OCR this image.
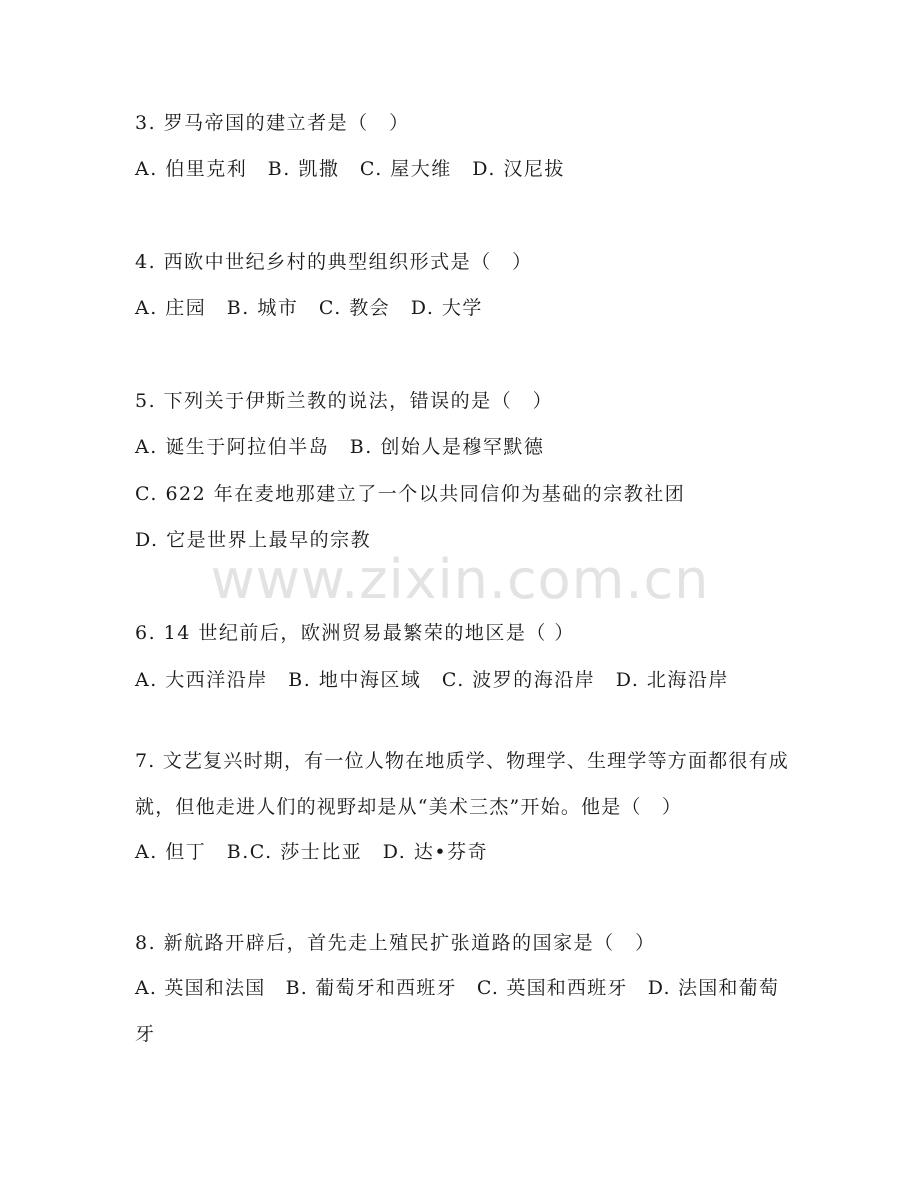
www.zixin.com.cn
3. 罗马帝国的建立者是（　）
A. 伯里克利　B. 凯撒　C. 屋大维　D. 汉尼拔
4. 西欧中世纪乡村的典型组织形式是（　）
A. 庄园　B. 城市　C. 教会　D. 大学
5. 下列关于伊斯兰教的说法，错误的是（　）
A. 诞生于阿拉伯半岛　B. 创始人是穆罕默德
C. 622 年在麦地那建立了一个以共同信仰为基础的宗教社团
D. 它是世界上最早的宗教
6. 14 世纪前后，欧洲贸易最繁荣的地区是（ ）
A. 大西洋沿岸　B. 地中海区域　C. 波罗的海沿岸　D. 北海沿岸
7. 文艺复兴时期，有一位人物在地质学、物理学、生理学等方面都很有成就，但他走进人们的视野却是从“美术三杰”开始。他是（　）
A. 但丁　B.C. 莎士比亚　D. 达•芬奇
8. 新航路开辟后，首先走上殖民扩张道路的国家是（　）
A. 英国和法国　B. 葡萄牙和西班牙　C. 英国和西班牙　D. 法国和葡萄牙
